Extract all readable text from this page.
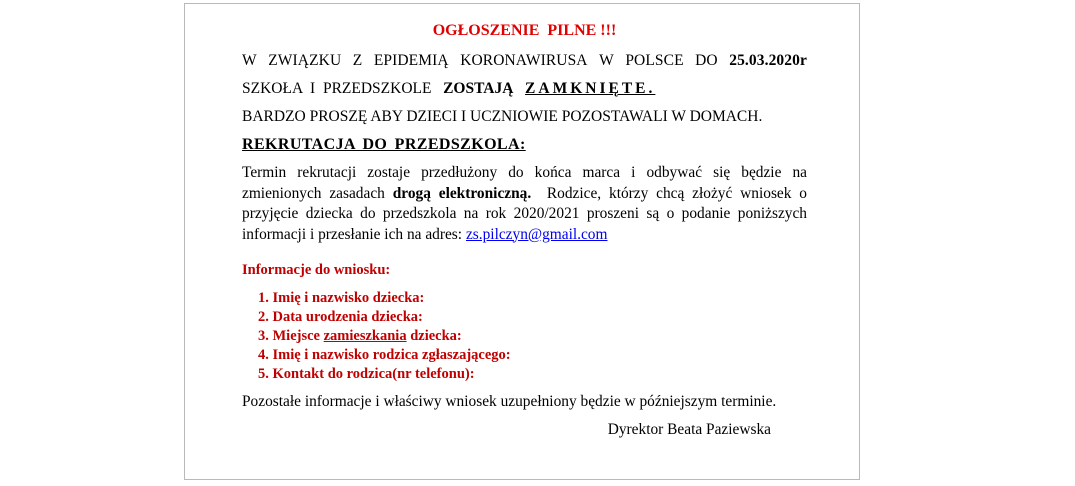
OGŁOSZENIE  PILNE !!!

W ZWIĄZKU Z EPIDEMIĄ KORONAWIRUSA W POLSCE DO 25.03.2020r

SZKOŁA  I  PRZEDSZKOLE ZOSTAJĄ ZAMKNIĘTE.

BARDZO PROSZĘ ABY DZIECI I UCZNIOWIE POZOSTAWALI W DOMACH.

REKRUTACJA DO PRZEDSZKOLA:

Termin rekrutacji zostaje przedłużony do końca marca i odbywać się będzie na zmienionych zasadach drogą elektroniczną.  Rodzice, którzy chcą złożyć wniosek o przyjęcie dziecka do przedszkola na rok 2020/2021 proszeni są o podanie poniższych informacji i przesłanie ich na adres: zs.pilczyn@gmail.com

Informacje do wniosku:

1. Imię i nazwisko dziecka:
2. Data urodzenia dziecka:
3. Miejsce zamieszkania dziecka:
4. Imię i nazwisko rodzica zgłaszającego:
5. Kontakt do rodzica(nr telefonu):

Pozostałe informacje i właściwy wniosek uzupełniony będzie w późniejszym terminie.

Dyrektor Beata Paziewska
